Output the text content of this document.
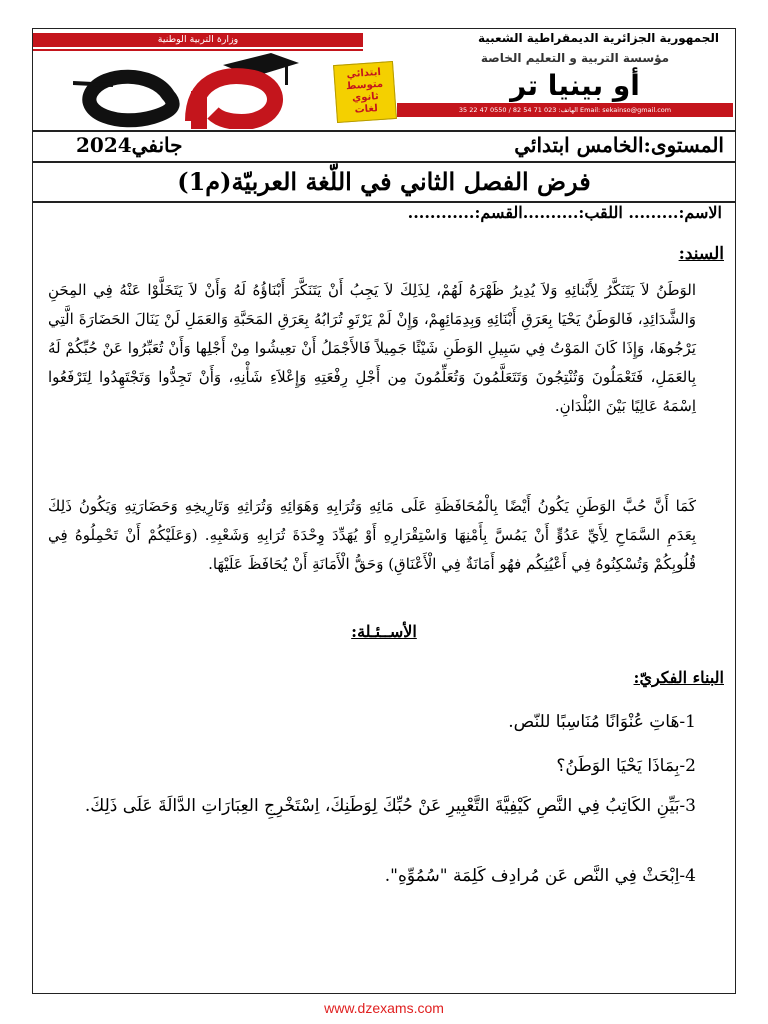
وزارة التربية الوطنية	الجمهورية الجزائرية الديمقراطية الشعبية
مؤسسة التربية و التعليم الخاصة
ابتدائي
متوسط
ثانوي
لغات
أو بينيا تر
Email: sekainso@gmail.com الهاتف: 023 71 54 82 / 0550 47 22 35
المستوى:الخامس ابتدائي
جانفي2024
فرض الفصل الثاني في اللّغة العربيّة(م1)
الاسم:......... اللقب:..........القسم:............
السند:
الوَطَنُ لاَ يَتَنَكَّرُ لِأَبْنائِهِ وَلاَ يُدِيرُ ظَهْرَهُ لَهُمْ، لِذَلِكَ لاَ يَجِبُ أَنْ يَتَنَكَّرَ أَبْنَاؤُهُ لَهُ وَأَنْ لاَ يَتَخَلَّوْا عَنْهُ فِي المِحَنِ وَالشَّدَائِدِ، فَالوَطَنُ يَحْيَا بِعَرَقِ أَبْنَائِهِ وَبِدِمَائِهِمْ، وَإِنْ لَمْ يَرْتَوِ تُرَابُهُ بِعَرَقِ المَحَبَّةِ وَالعَمَلِ لَنْ يَنَالَ الحَضَارَةَ الَّتِي يَرْجُوهَا، وَإِذَا كَانَ المَوْتُ فِي سَبِيلِ الوَطَنِ شَيْئًا جَمِيلاً فَالأَجْمَلُ أَنْ تعِيشُوا مِنْ أَجْلِها وَأَنْ تُعَبِّرُوا عَنْ حُبِّكُمْ لَهُ بِالعَمَلِ، فَتَعْمَلُونَ وَتُنْتِجُونَ وَتَتَعَلَّمُونَ وَتُعَلِّمُونَ مِن أَجْلِ رِفْعَتِهِ وَإِعْلاَءِ شَأْنِهِ، وَأَنْ تَجِدُّوا وَتَجْتَهِدُوا لِتَرْفَعُوا اِسْمَهُ عَالِيًا بَيْنَ البُلْدَانِ.
كَمَا أَنَّ حُبَّ الوَطَنِ يَكُونُ أَيْضًا بِالْمُحَافَظَةِ عَلَى مَائِهِ وَتُرَابِهِ وَهَوَائِهِ وَتُرَاثِهِ وَتَارِيخِهِ وَحَضَارَتِهِ وَيَكُونُ ذَلِكَ بِعَدَمِ السَّمَاحِ لِأَيِّ عَدُوٍّ أَنْ يَمُسَّ بِأَمْنِهَا وَاسْتِقْرَارِهِ أَوْ يُهَدِّدَ وِحْدَةَ تُرَابِهِ وَشَعْبِهِ. (وَعَلَيْكُمْ أَنْ تَحْمِلُوهُ فِي قُلُوبِكُمْ وَتُسْكِنُوهُ فِي أَعْيُنِكُم فهُو أَمَانَةٌ فِي الْأَعْنَاقِ) وَحَقُّ الْأَمَانَةِ أَنْ يُحَافَظَ عَلَيْهَا.
الأســئـلة:
البناء الفكريّ:
1-هَاتِ عُنْوَانًا مُنَاسِبًا للنّص.
2-بِمَاذَا يَحْيَا الوَطَنُ؟
3-بَيِّنِ الكَاتِبُ فِي النَّصِ كَيْفِيَّةَ التَّعْبِيرِ عَنْ حُبِّكَ لِوَطَنِكَ، اِسْتَخْرِجِ العِبَارَاتِ الدَّالَةَ عَلَى ذَلِكَ.
4-اِبْحَثْ فِي النَّص عَن مُرادِف كَلِمَة "سُمُوِّهِ".
www.dzexams.com
